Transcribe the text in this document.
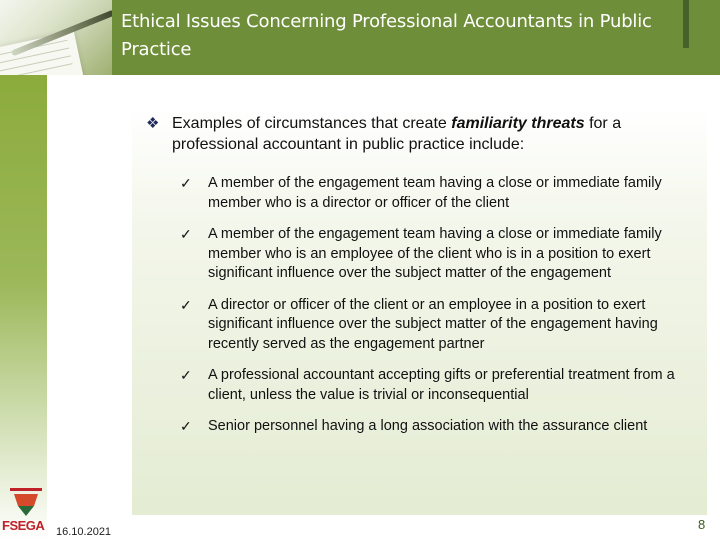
Ethical Issues Concerning Professional Accountants in Public Practice
❖ Examples of circumstances that create familiarity threats for a professional accountant in public practice include:
✓ A member of the engagement team having a close or immediate family member who is a director or officer of the client
✓ A member of the engagement team having a close or immediate family member who is an employee of the client who is in a position to exert significant influence over the subject matter of the engagement
✓ A director or officer of the client or an employee in a position to exert significant influence over the subject matter of the engagement having recently served as the engagement partner
✓ A professional accountant accepting gifts or preferential treatment from a client, unless the value is trivial or inconsequential
✓ Senior personnel having a long association with the assurance client
FSEGA 16.10.2021	8
